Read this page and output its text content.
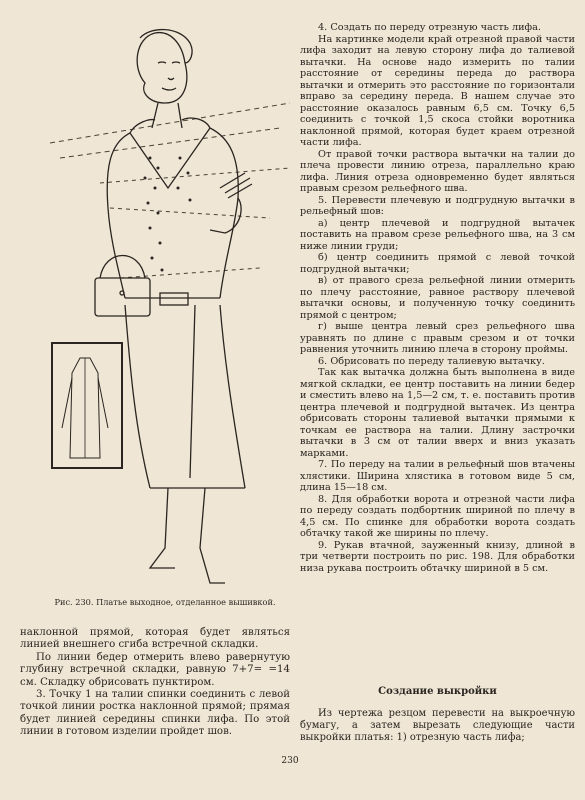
4. Создать по переду отрезную часть лифа.

На картинке модели край отрезной правой части лифа заходит на левую сторону лифа до талиевой вытачки. На основе надо измерить по талии расстояние от середины переда до раствора вытачки и отмерить это расстояние по горизонтали вправо за середину переда. В нашем случае это расстояние оказалось равным 6,5 см. Точку 6,5 соединить с точкой 1,5 скоса стойки воротника наклонной прямой, которая будет краем отрезной части лифа.

От правой точки раствора вытачки на талии до плеча провести линию отреза, параллельно краю лифа. Линия отреза одновременно будет являться правым срезом рельефного шва.

5. Перевести плечевую и подгрудную вытачки в рельефный шов:

а) центр плечевой и подгрудной вытачек поставить на правом срезе рельефного шва, на 3 см ниже линии груди;

б) центр соединить прямой с левой точкой подгрудной вытачки;

в) от правого среза рельефной линии отмерить по плечу расстояние, равное раствору плечевой вытачки основы, и полученную точку соединить прямой с центром;

г) выше центра левый срез рельефного шва уравнять по длине с правым срезом и от точки равнения уточнить линию плеча в сторону проймы.

6. Обрисовать по переду талиевую вытачку.

Так как вытачка должна быть выполнена в виде мягкой складки, ее центр поставить на линии бедер и сместить влево на 1,5—2 см, т. е. поставить против центра плечевой и подгрудной вытачек. Из центра обрисовать стороны талиевой вытачки прямыми к точкам ее раствора на талии. Длину застрочки вытачки в 3 см от талии вверх и вниз указать марками.

7. По переду на талии в рельефный шов втачены хлястики. Ширина хлястика в готовом виде 5 см, длина 15—18 см.

8. Для обработки ворота и отрезной части лифа по переду создать подбортник шириной по плечу в 4,5 см. По спинке для обработки ворота создать обтачку такой же ширины по плечу.

9. Рукав втачной, зауженный книзу, длиной в три четверти построить по рис. 198. Для обработки низа рукава построить обтачку шириной в 5 см.

Рис. 230. Платье выходное, отделанное вышивкой.

наклонной прямой, которая будет являться линией внешнего сгиба встречной складки.

По линии бедер отмерить влево равернутую глубину встречной складки, равную 7+7= =14 см. Складку обрисовать пунктиром.

3. Точку 1 на талии спинки соединить с левой точкой линии ростка наклонной прямой; прямая будет линией середины спинки лифа. По этой линии в готовом изделии пройдет шов.

Создание выкройки

Из чертежа резцом перевести на выкроечную бумагу, а затем вырезать следующие части выкройки платья: 1) отрезную часть лифа;

230
